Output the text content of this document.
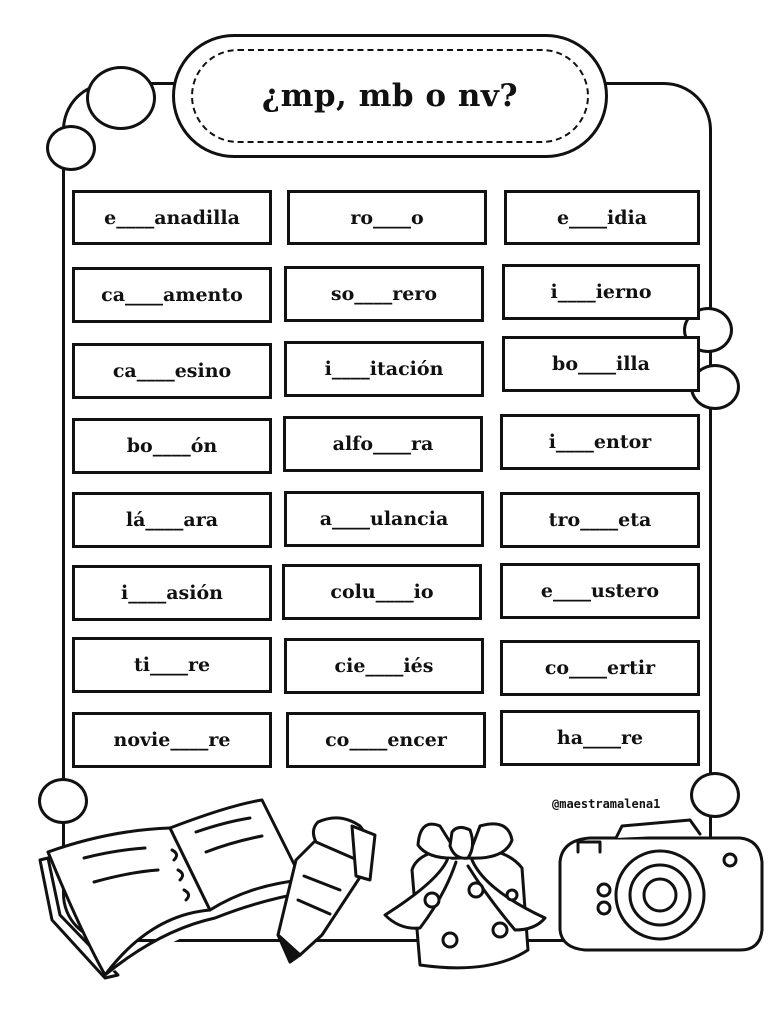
¿mp, mb o nv?
e____anadilla	ro____o	e____idia
ca____amento	so____rero	i____ierno
ca____esino	i____itación	bo____illa
bo____ón	alfo____ra	i____entor
lá____ara	a____ulancia	tro____eta
i____asión	colu____io	e____ustero
ti____re	cie____iés	co____ertir
novie____re	co____encer	ha____re
@maestramalena1
